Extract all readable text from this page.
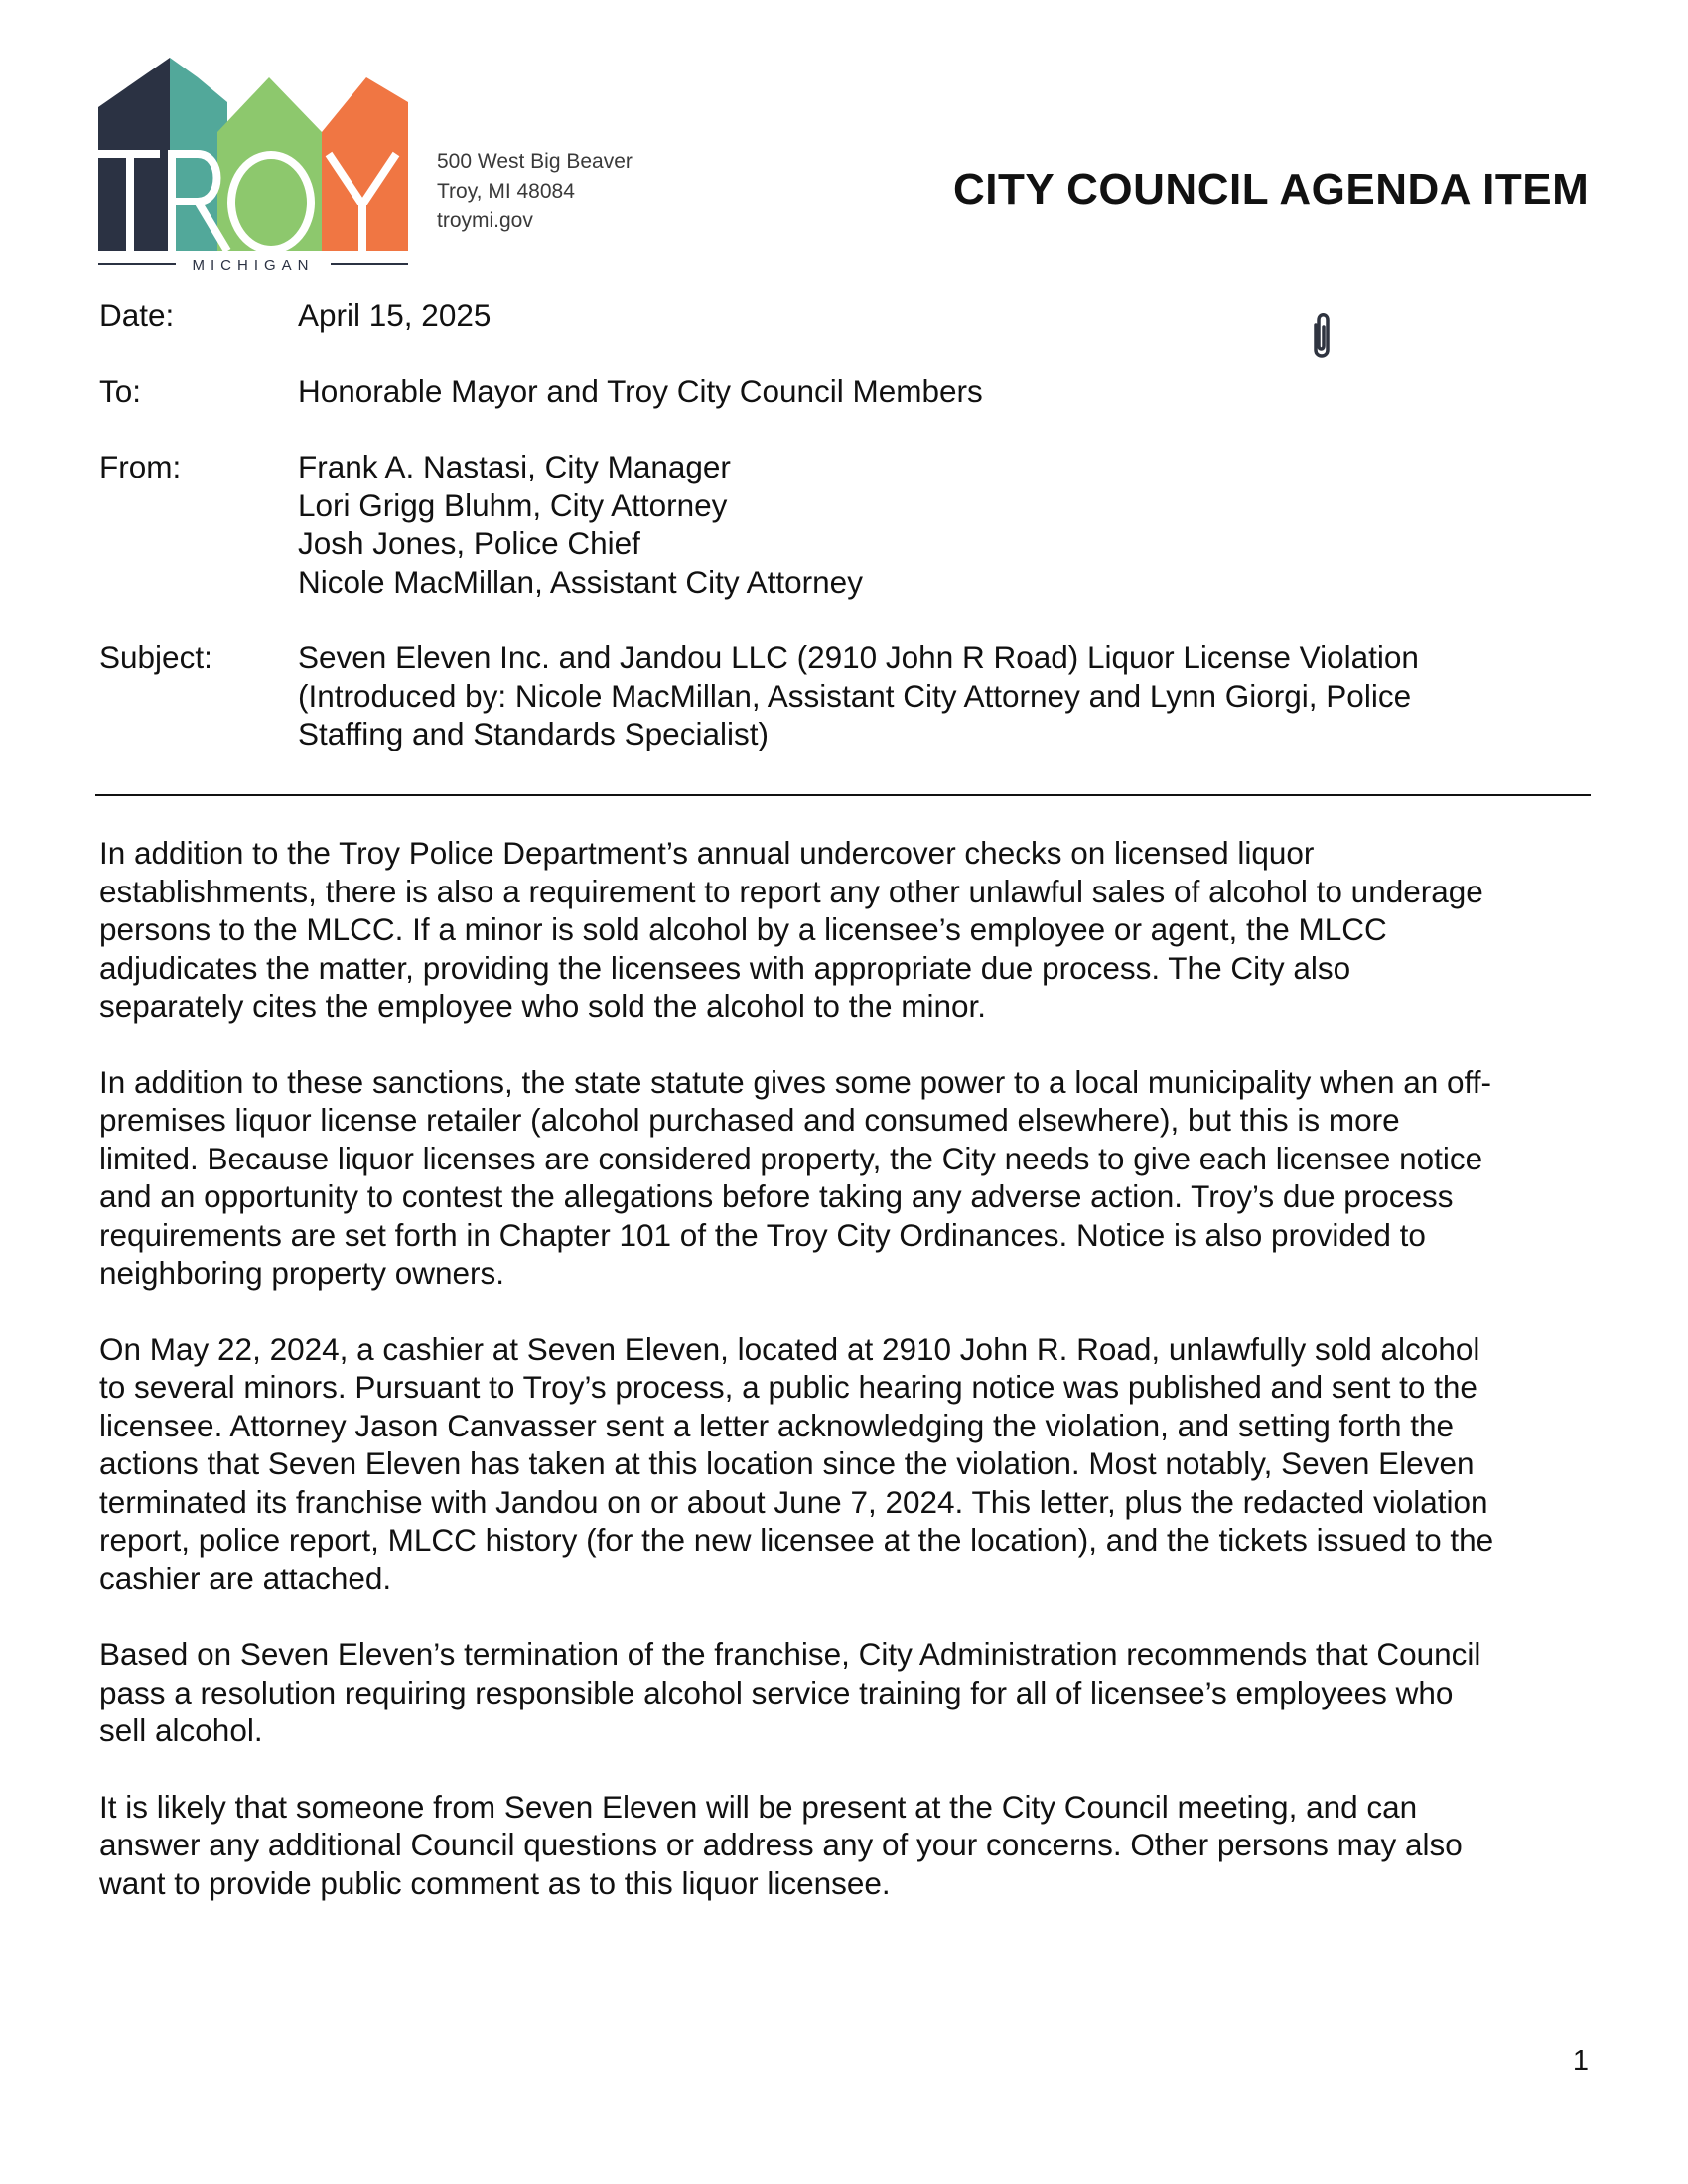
MICHIGAN
500 West Big Beaver
Troy, MI 48084
troymi.gov
CITY COUNCIL AGENDA ITEM
Date:	April 15, 2025
To:	Honorable Mayor and Troy City Council Members
From:	Frank A. Nastasi, City Manager
Lori Grigg Bluhm, City Attorney
Josh Jones, Police Chief
Nicole MacMillan, Assistant City Attorney
Subject:	Seven Eleven Inc. and Jandou LLC (2910 John R Road) Liquor License Violation
(Introduced by: Nicole MacMillan, Assistant City Attorney and Lynn Giorgi, Police
Staffing and Standards Specialist)

In addition to the Troy Police Department’s annual undercover checks on licensed liquor
establishments, there is also a requirement to report any other unlawful sales of alcohol to underage
persons to the MLCC. If a minor is sold alcohol by a licensee’s employee or agent, the MLCC
adjudicates the matter, providing the licensees with appropriate due process. The City also
separately cites the employee who sold the alcohol to the minor.

In addition to these sanctions, the state statute gives some power to a local municipality when an off-
premises liquor license retailer (alcohol purchased and consumed elsewhere), but this is more
limited. Because liquor licenses are considered property, the City needs to give each licensee notice
and an opportunity to contest the allegations before taking any adverse action. Troy’s due process
requirements are set forth in Chapter 101 of the Troy City Ordinances. Notice is also provided to
neighboring property owners.

On May 22, 2024, a cashier at Seven Eleven, located at 2910 John R. Road, unlawfully sold alcohol
to several minors. Pursuant to Troy’s process, a public hearing notice was published and sent to the
licensee. Attorney Jason Canvasser sent a letter acknowledging the violation, and setting forth the
actions that Seven Eleven has taken at this location since the violation. Most notably, Seven Eleven
terminated its franchise with Jandou on or about June 7, 2024. This letter, plus the redacted violation
report, police report, MLCC history (for the new licensee at the location), and the tickets issued to the
cashier are attached.

Based on Seven Eleven’s termination of the franchise, City Administration recommends that Council
pass a resolution requiring responsible alcohol service training for all of licensee’s employees who
sell alcohol.

It is likely that someone from Seven Eleven will be present at the City Council meeting, and can
answer any additional Council questions or address any of your concerns. Other persons may also
want to provide public comment as to this liquor licensee.

1
